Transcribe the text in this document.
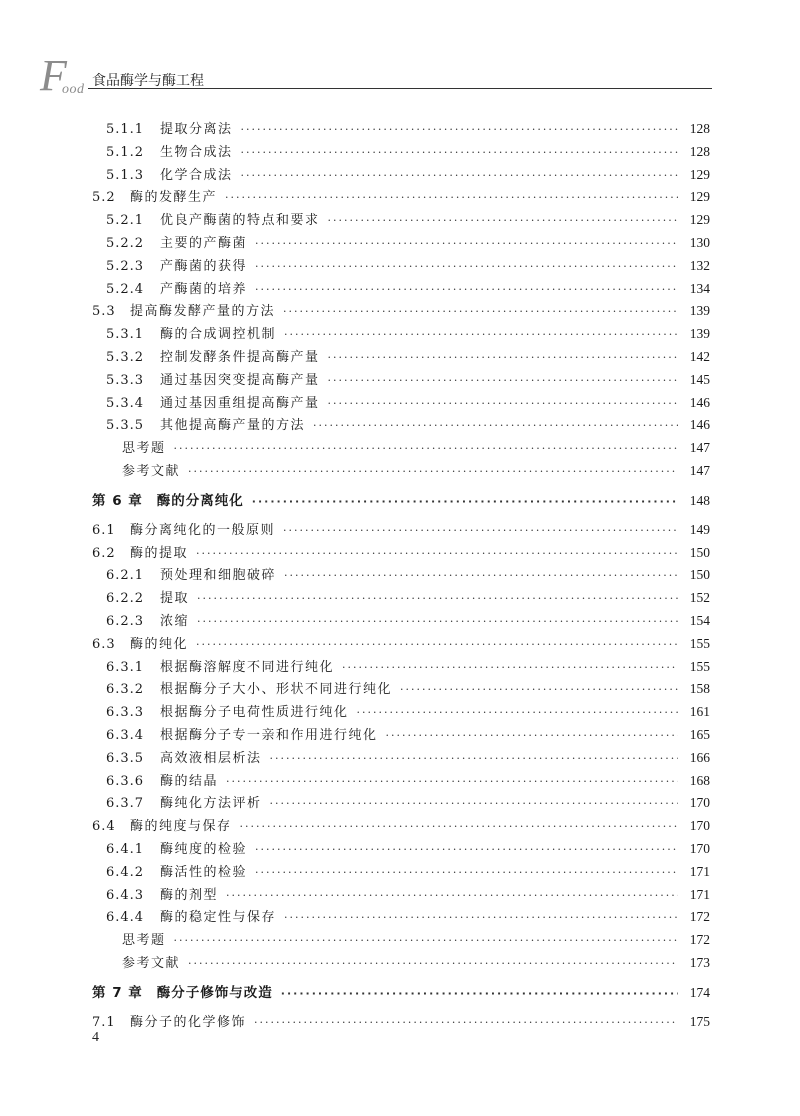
F
ood
食品酶学与酶工程
5.1.1	提取分离法 ·····	128
5.1.2	生物合成法 ·····	128
5.1.3	化学合成法 ·····	129
5.2	酶的发酵生产 ·····	129
5.2.1	优良产酶菌的特点和要求 ·····	129
5.2.2	主要的产酶菌 ·····	130
5.2.3	产酶菌的获得 ·····	132
5.2.4	产酶菌的培养 ·····	134
5.3	提高酶发酵产量的方法 ·····	139
5.3.1	酶的合成调控机制 ·····	139
5.3.2	控制发酵条件提高酶产量 ·····	142
5.3.3	通过基因突变提高酶产量 ·····	145
5.3.4	通过基因重组提高酶产量 ·····	146
5.3.5	其他提高酶产量的方法 ·····	146
思考题 ·····	147
参考文献 ·····	147
第 6 章 酶的分离纯化 ·····	148
6.1	酶分离纯化的一般原则 ·····	149
6.2	酶的提取 ·····	150
6.2.1	预处理和细胞破碎 ·····	150
6.2.2	提取 ·····	152
6.2.3	浓缩 ·····	154
6.3	酶的纯化 ·····	155
6.3.1	根据酶溶解度不同进行纯化 ·····	155
6.3.2	根据酶分子大小、形状不同进行纯化 ·····	158
6.3.3	根据酶分子电荷性质进行纯化 ·····	161
6.3.4	根据酶分子专一亲和作用进行纯化 ·····	165
6.3.5	高效液相层析法 ·····	166
6.3.6	酶的结晶 ·····	168
6.3.7	酶纯化方法评析 ·····	170
6.4	酶的纯度与保存 ·····	170
6.4.1	酶纯度的检验 ·····	170
6.4.2	酶活性的检验 ·····	171
6.4.3	酶的剂型 ·····	171
6.4.4	酶的稳定性与保存 ·····	172
思考题 ·····	172
参考文献 ·····	173
第 7 章 酶分子修饰与改造 ·····	174
7.1	酶分子的化学修饰 ·····	175
4
